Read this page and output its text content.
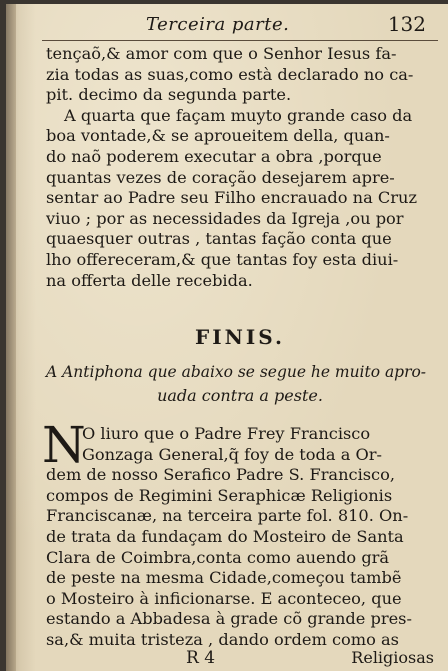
Terceira parte.	132
tençaõ,& amor com que o Senhor Iesus fa-
zia todas as suas,como està declarado no ca-
pit. decimo da segunda parte.
A quarta que façam muyto grande caso da
boa vontade,& se aproueitem della, quan-
do naõ poderem executar a obra ,porque
quantas vezes de coração desejarem apre-
sentar ao Padre seu Filho encrauado na Cruz
viuo ; por as necessidades da Igreja ,ou por
quaesquer outras , tantas fação conta que
lho offereceram,& que tantas foy esta diui-
na offerta delle recebida.
FINIS.
A Antiphona que abaixo se segue he muito apro-
uada contra a peste.
N
O liuro que o Padre Frey Francisco
Gonzaga General,q̃ foy de toda a Or-
dem de nosso Serafico Padre S. Francisco,
compos de Regimini Seraphicæ Religionis
Franciscanæ, na terceira parte fol. 810. On-
de trata da fundaçam do Mosteiro de Santa
Clara de Coimbra,conta como auendo grã
de peste na mesma Cidade,começou tambẽ
o Mosteiro à inficionarse. E aconteceo, que
estando a Abbadesa à grade cõ grande pres-
sa,& muita tristeza , dando ordem como as
R 4	Religiosas
